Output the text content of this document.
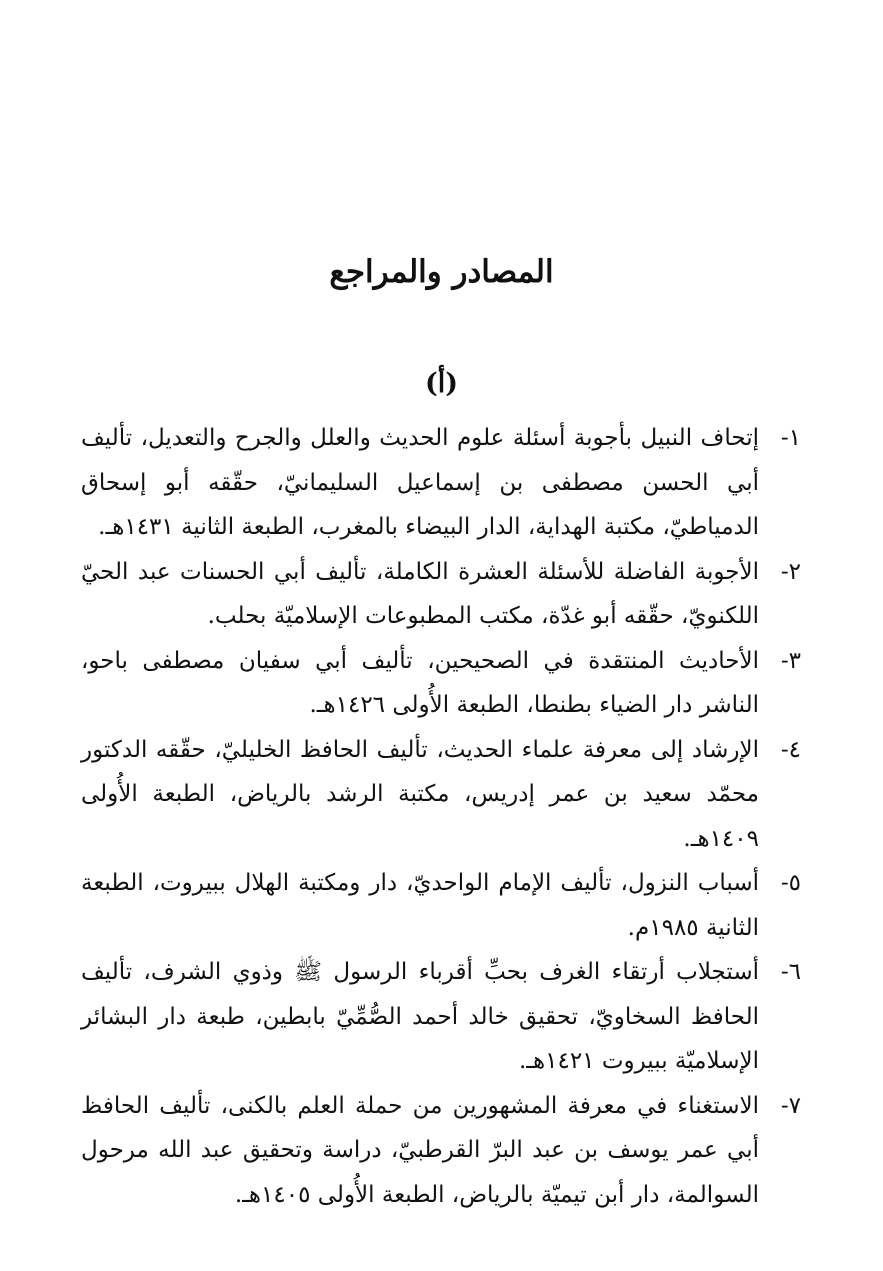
المصادر والمراجع
(أ)
١-
إتحاف النبيل بأجوبة أسئلة علوم الحديث والعلل والجرح والتعديل، تأليف أبي الحسن مصطفى بن إسماعيل السليمانيّ، حقّقه أبو إسحاق الدمياطيّ، مكتبة الهداية، الدار البيضاء بالمغرب، الطبعة الثانية ١٤٣١هـ.
٢-
الأجوبة الفاضلة للأسئلة العشرة الكاملة، تأليف أبي الحسنات عبد الحيّ اللكنويّ، حقّقه أبو غدّة، مكتب المطبوعات الإسلاميّة بحلب.
٣-
الأحاديث المنتقدة في الصحيحين، تأليف أبي سفيان مصطفى باحو، الناشر دار الضياء بطنطا، الطبعة الأُولى ١٤٢٦هـ.
٤-
الإرشاد إلى معرفة علماء الحديث، تأليف الحافظ الخليليّ، حقّقه الدكتور محمّد سعيد بن عمر إدريس، مكتبة الرشد بالرياض، الطبعة الأُولى ١٤٠٩هـ.
٥-
أسباب النزول، تأليف الإمام الواحديّ، دار ومكتبة الهلال ببيروت، الطبعة الثانية ١٩٨٥م.
٦-
أستجلاب أرتقاء الغرف بحبِّ أقرباء الرسول ﷺ وذوي الشرف، تأليف الحافظ السخاويّ، تحقيق خالد أحمد الصُّمِّيّ بابطين، طبعة دار البشائر الإسلاميّة ببيروت ١٤٢١هـ.
٧-
الاستغناء في معرفة المشهورين من حملة العلم بالكنى، تأليف الحافظ أبي عمر يوسف بن عبد البرّ القرطبيّ، دراسة وتحقيق عبد الله مرحول السوالمة، دار أبن تيميّة بالرياض، الطبعة الأُولى ١٤٠٥هـ.
